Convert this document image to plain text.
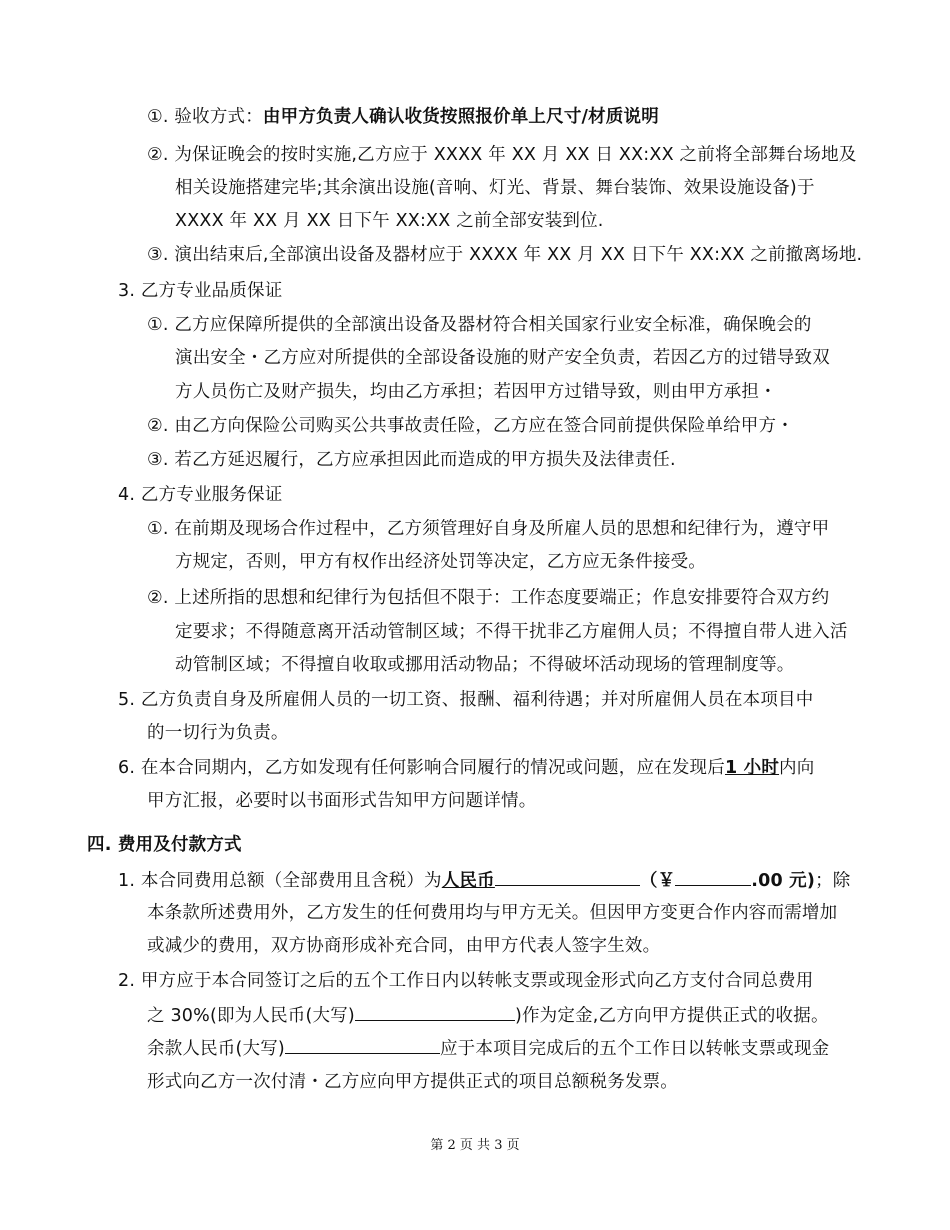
①. 验收方式：由甲方负责人确认收货按照报价单上尺寸/材质说明
②. 为保证晚会的按时实施,乙方应于 XXXX 年 XX 月 XX 日 XX:XX 之前将全部舞台场地及
相关设施搭建完毕;其余演出设施(音响、灯光、背景、舞台装饰、效果设施设备)于
XXXX 年 XX 月 XX 日下午 XX:XX 之前全部安装到位.
③. 演出结束后,全部演出设备及器材应于 XXXX 年 XX 月 XX 日下午 XX:XX 之前撤离场地.
3. 乙方专业品质保证
①. 乙方应保障所提供的全部演出设备及器材符合相关国家行业安全标准，确保晚会的
演出安全・乙方应对所提供的全部设备设施的财产安全负责，若因乙方的过错导致双
方人员伤亡及财产损失，均由乙方承担；若因甲方过错导致，则由甲方承担・
②. 由乙方向保险公司购买公共事故责任险，乙方应在签合同前提供保险单给甲方・
③. 若乙方延迟履行，乙方应承担因此而造成的甲方损失及法律责任.
4. 乙方专业服务保证
①. 在前期及现场合作过程中，乙方须管理好自身及所雇人员的思想和纪律行为，遵守甲
方规定，否则，甲方有权作出经济处罚等决定，乙方应无条件接受。
②. 上述所指的思想和纪律行为包括但不限于：工作态度要端正；作息安排要符合双方约
定要求；不得随意离开活动管制区域；不得干扰非乙方雇佣人员；不得擅自带人进入活
动管制区域；不得擅自收取或挪用活动物品；不得破坏活动现场的管理制度等。
5. 乙方负责自身及所雇佣人员的一切工资、报酬、福利待遇；并对所雇佣人员在本项目中
的一切行为负责。
6. 在本合同期内，乙方如发现有任何影响合同履行的情况或问题，应在发现后1 小时内向
甲方汇报，必要时以书面形式告知甲方问题详情。
四. 费用及付款方式
1. 本合同费用总额（全部费用且含税）为人民币	（￥	.00 元)；除
本条款所述费用外，乙方发生的任何费用均与甲方无关。但因甲方变更合作内容而需增加
或减少的费用，双方协商形成补充合同，由甲方代表人签字生效。
2. 甲方应于本合同签订之后的五个工作日内以转帐支票或现金形式向乙方支付合同总费用
之 30%(即为人民币(大写)	)作为定金,乙方向甲方提供正式的收据。
余款人民币(大写)	应于本项目完成后的五个工作日以转帐支票或现金
形式向乙方一次付清・乙方应向甲方提供正式的项目总额税务发票。
第 2 页 共 3 页
